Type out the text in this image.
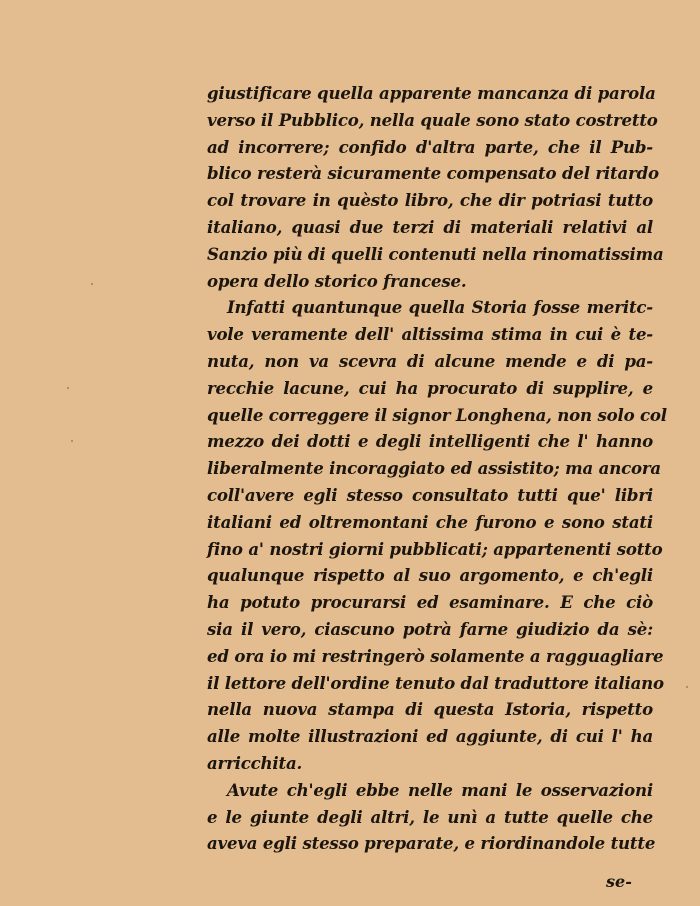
giustificare quella apparente mancanza di parola
verso il Pubblico, nella quale sono stato costretto
ad incorrere; confido d'altra parte, che il Pub-
blico resterà sicuramente compensato del ritardo
col trovare in quèsto libro, che dir potriasi tutto
italiano, quasi due terzi di materiali relativi al
Sanzio più di quelli contenuti nella rinomatissima
opera dello storico francese.
Infatti quantunque quella Storia fosse meritc-
vole veramente dell' altissima stima in cui è te-
nuta, non va scevra di alcune mende e di pa-
recchie lacune, cui ha procurato di supplire, e
quelle correggere il signor Longhena, non solo col
mezzo dei dotti e degli intelligenti che l' hanno
liberalmente incoraggiato ed assistito; ma ancora
coll'avere egli stesso consultato tutti que' libri
italiani ed oltremontani che furono e sono stati
fino a' nostri giorni pubblicati; appartenenti sotto
qualunque rispetto al suo argomento, e ch'egli
ha potuto procurarsi ed esaminare. E che ciò
sia il vero, ciascuno potrà farne giudizio da sè:
ed ora io mi restringerò solamente a ragguagliare
il lettore dell'ordine tenuto dal traduttore italiano
nella nuova stampa di questa Istoria, rispetto
alle molte illustrazioni ed aggiunte, di cui l' ha
arricchita.
Avute ch'egli ebbe nelle mani le osservazioni
e le giunte degli altri, le unì a tutte quelle che
aveva egli stesso preparate, e riordinandole tutte
se-
